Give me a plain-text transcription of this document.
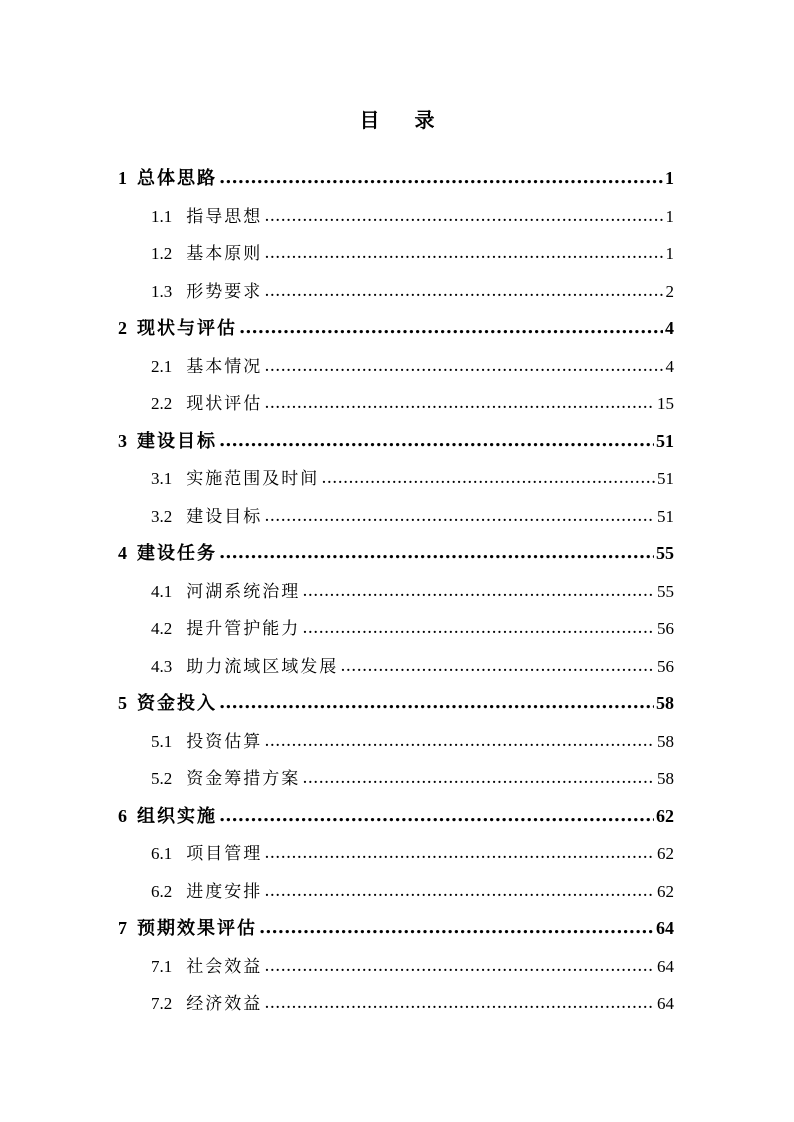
目 录
1 总体思路 .....	1
1.1 指导思想 .....	1
1.2 基本原则 .....	1
1.3 形势要求 .....	2
2 现状与评估 .....	4
2.1 基本情况 .....	4
2.2 现状评估 .....	15
3 建设目标 .....	51
3.1 实施范围及时间 .....	51
3.2 建设目标 .....	51
4 建设任务 .....	55
4.1 河湖系统治理 .....	55
4.2 提升管护能力 .....	56
4.3 助力流域区域发展 .....	56
5 资金投入 .....	58
5.1 投资估算 .....	58
5.2 资金筹措方案 .....	58
6 组织实施 .....	62
6.1 项目管理 .....	62
6.2 进度安排 .....	62
7 预期效果评估 .....	64
7.1 社会效益 .....	64
7.2 经济效益 .....	64
